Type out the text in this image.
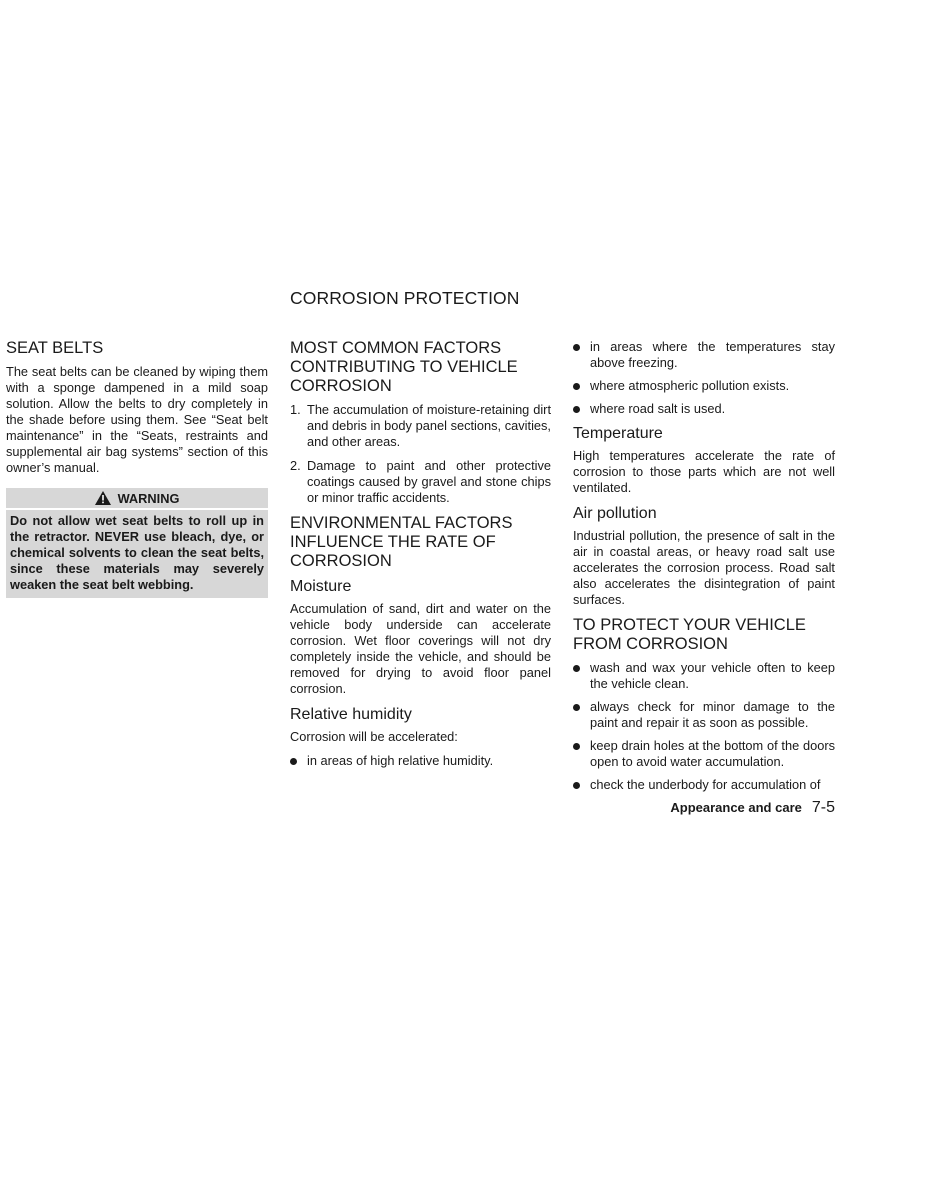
CORROSION PROTECTION
SEAT BELTS

The seat belts can be cleaned by wiping them with a sponge dampened in a mild soap solution. Allow the belts to dry completely in the shade before using them. See “Seat belt maintenance” in the “Seats, restraints and supplemental air bag systems” section of this owner’s manual.

WARNING
Do not allow wet seat belts to roll up in the retractor. NEVER use bleach, dye, or chemical solvents to clean the seat belts, since these materials may severely weaken the seat belt webbing.
MOST COMMON FACTORS CONTRIBUTING TO VEHICLE CORROSION
1. The accumulation of moisture-retaining dirt and debris in body panel sections, cavities, and other areas.
2. Damage to paint and other protective coatings caused by gravel and stone chips or minor traffic accidents.
ENVIRONMENTAL FACTORS INFLUENCE THE RATE OF CORROSION
Moisture

Accumulation of sand, dirt and water on the vehicle body underside can accelerate corrosion. Wet floor coverings will not dry completely inside the vehicle, and should be removed for drying to avoid floor panel corrosion.

Relative humidity

Corrosion will be accelerated:

in areas of high relative humidity.
in areas where the temperatures stay above freezing.
where atmospheric pollution exists.
where road salt is used.
Temperature

High temperatures accelerate the rate of corrosion to those parts which are not well ventilated.

Air pollution

Industrial pollution, the presence of salt in the air in coastal areas, or heavy road salt use accelerates the corrosion process. Road salt also accelerates the disintegration of paint surfaces.

TO PROTECT YOUR VEHICLE FROM CORROSION
wash and wax your vehicle often to keep the vehicle clean.
always check for minor damage to the paint and repair it as soon as possible.
keep drain holes at the bottom of the doors open to avoid water accumulation.
check the underbody for accumulation of
Appearance and care 7-5
